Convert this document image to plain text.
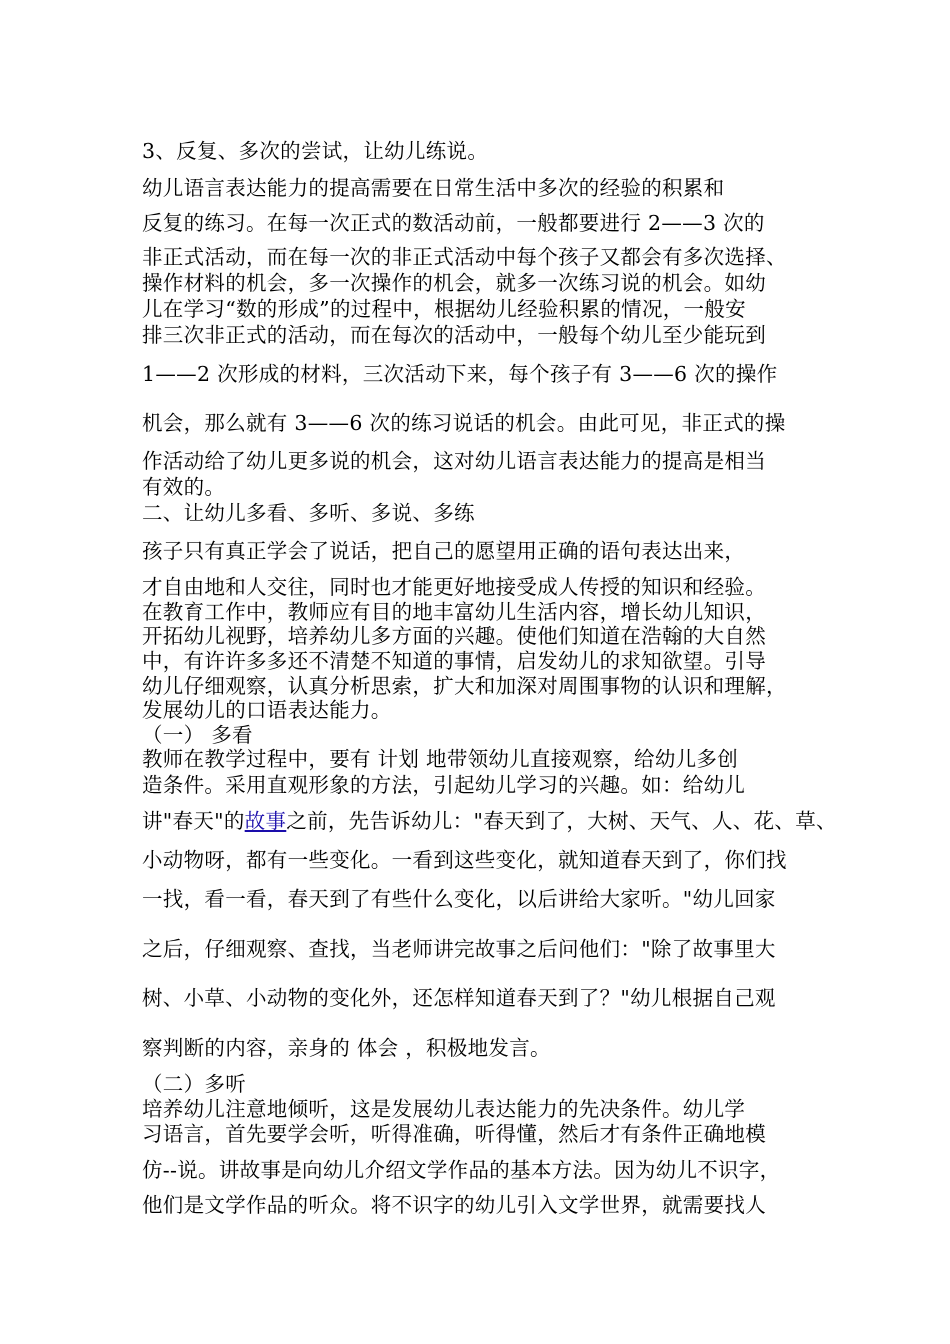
3、反复、多次的尝试，让幼儿练说。
幼儿语言表达能力的提高需要在日常生活中多次的经验的积累和
反复的练习。在每一次正式的数活动前，一般都要进行 2——3 次的
非正式活动，而在每一次的非正式活动中每个孩子又都会有多次选择、
操作材料的机会，多一次操作的机会，就多一次练习说的机会。如幼
儿在学习“数的形成”的过程中，根据幼儿经验积累的情况，一般安
排三次非正式的活动，而在每次的活动中，一般每个幼儿至少能玩到
1——2 次形成的材料，三次活动下来，每个孩子有 3——6 次的操作
机会，那么就有 3——6 次的练习说话的机会。由此可见，非正式的操
作活动给了幼儿更多说的机会，这对幼儿语言表达能力的提高是相当
有效的。
二、让幼儿多看、多听、多说、多练
孩子只有真正学会了说话，把自己的愿望用正确的语句表达出来，
才自由地和人交往，同时也才能更好地接受成人传授的知识和经验。
在教育工作中，教师应有目的地丰富幼儿生活内容，增长幼儿知识，
开拓幼儿视野，培养幼儿多方面的兴趣。使他们知道在浩翰的大自然
中，有许许多多还不清楚不知道的事情，启发幼儿的求知欲望。引导
幼儿仔细观察，认真分析思索，扩大和加深对周围事物的认识和理解，
发展幼儿的口语表达能力。
（一） 多看
教师在教学过程中，要有 计划 地带领幼儿直接观察，给幼儿多创
造条件。采用直观形象的方法，引起幼儿学习的兴趣。如：给幼儿
讲"春天"的故事之前，先告诉幼儿："春天到了，大树、天气、人、花、草、
小动物呀，都有一些变化。一看到这些变化，就知道春天到了，你们找
一找，看一看，春天到了有些什么变化，以后讲给大家听。"幼儿回家
之后，仔细观察、查找，当老师讲完故事之后问他们："除了故事里大
树、小草、小动物的变化外，还怎样知道春天到了？"幼儿根据自己观
察判断的内容，亲身的 体会 ，积极地发言。
（二）多听
培养幼儿注意地倾听，这是发展幼儿表达能力的先决条件。幼儿学
习语言，首先要学会听，听得准确，听得懂，然后才有条件正确地模
仿--说。讲故事是向幼儿介绍文学作品的基本方法。因为幼儿不识字，
他们是文学作品的听众。将不识字的幼儿引入文学世界，就需要找人
